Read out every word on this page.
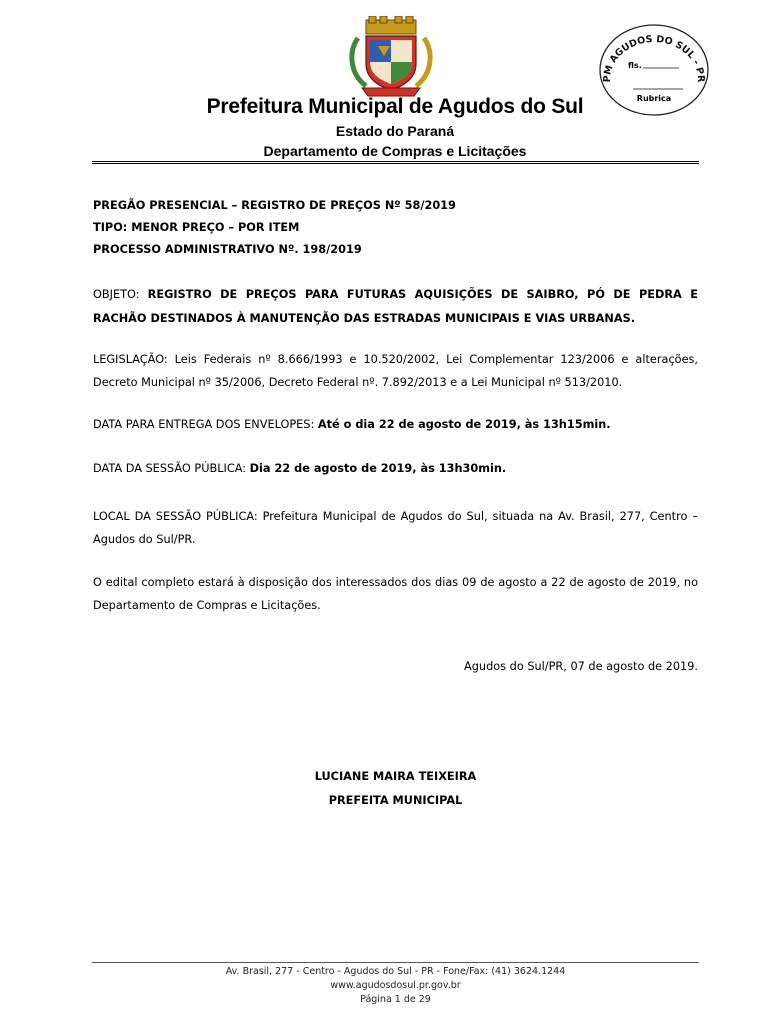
PM AGUDOS DO SUL - PR
fls.
Rubrica
Prefeitura Municipal de Agudos do Sul
Estado do Paraná
Departamento de Compras e Licitações
PREGÃO PRESENCIAL – REGISTRO DE PREÇOS Nº 58/2019
TIPO: MENOR PREÇO – POR ITEM
PROCESSO ADMINISTRATIVO Nº. 198/2019
OBJETO: REGISTRO DE PREÇOS PARA FUTURAS AQUISIÇÕES DE SAIBRO, PÓ DE PEDRA E RACHÃO DESTINADOS À MANUTENÇÃO DAS ESTRADAS MUNICIPAIS E VIAS URBANAS.
LEGISLAÇÃO: Leis Federais nº 8.666/1993 e 10.520/2002, Lei Complementar 123/2006 e alterações, Decreto Municipal nº 35/2006, Decreto Federal nº. 7.892/2013 e a Lei Municipal nº 513/2010.
DATA PARA ENTREGA DOS ENVELOPES: Até o dia 22 de agosto de 2019, às 13h15min.
DATA DA SESSÃO PÚBLICA: Dia 22 de agosto de 2019, às 13h30min.
LOCAL DA SESSÃO PÚBLICA: Prefeitura Municipal de Agudos do Sul, situada na Av. Brasil, 277, Centro – Agudos do Sul/PR.
O edital completo estará à disposição dos interessados dos dias 09 de agosto a 22 de agosto de 2019, no Departamento de Compras e Licitações.
Agudos do Sul/PR, 07 de agosto de 2019.
LUCIANE MAIRA TEIXEIRA
PREFEITA MUNICIPAL
Av. Brasil, 277 - Centro - Agudos do Sul - PR - Fone/Fax: (41) 3624.1244
www.agudosdosul.pr.gov.br
Página 1 de 29
